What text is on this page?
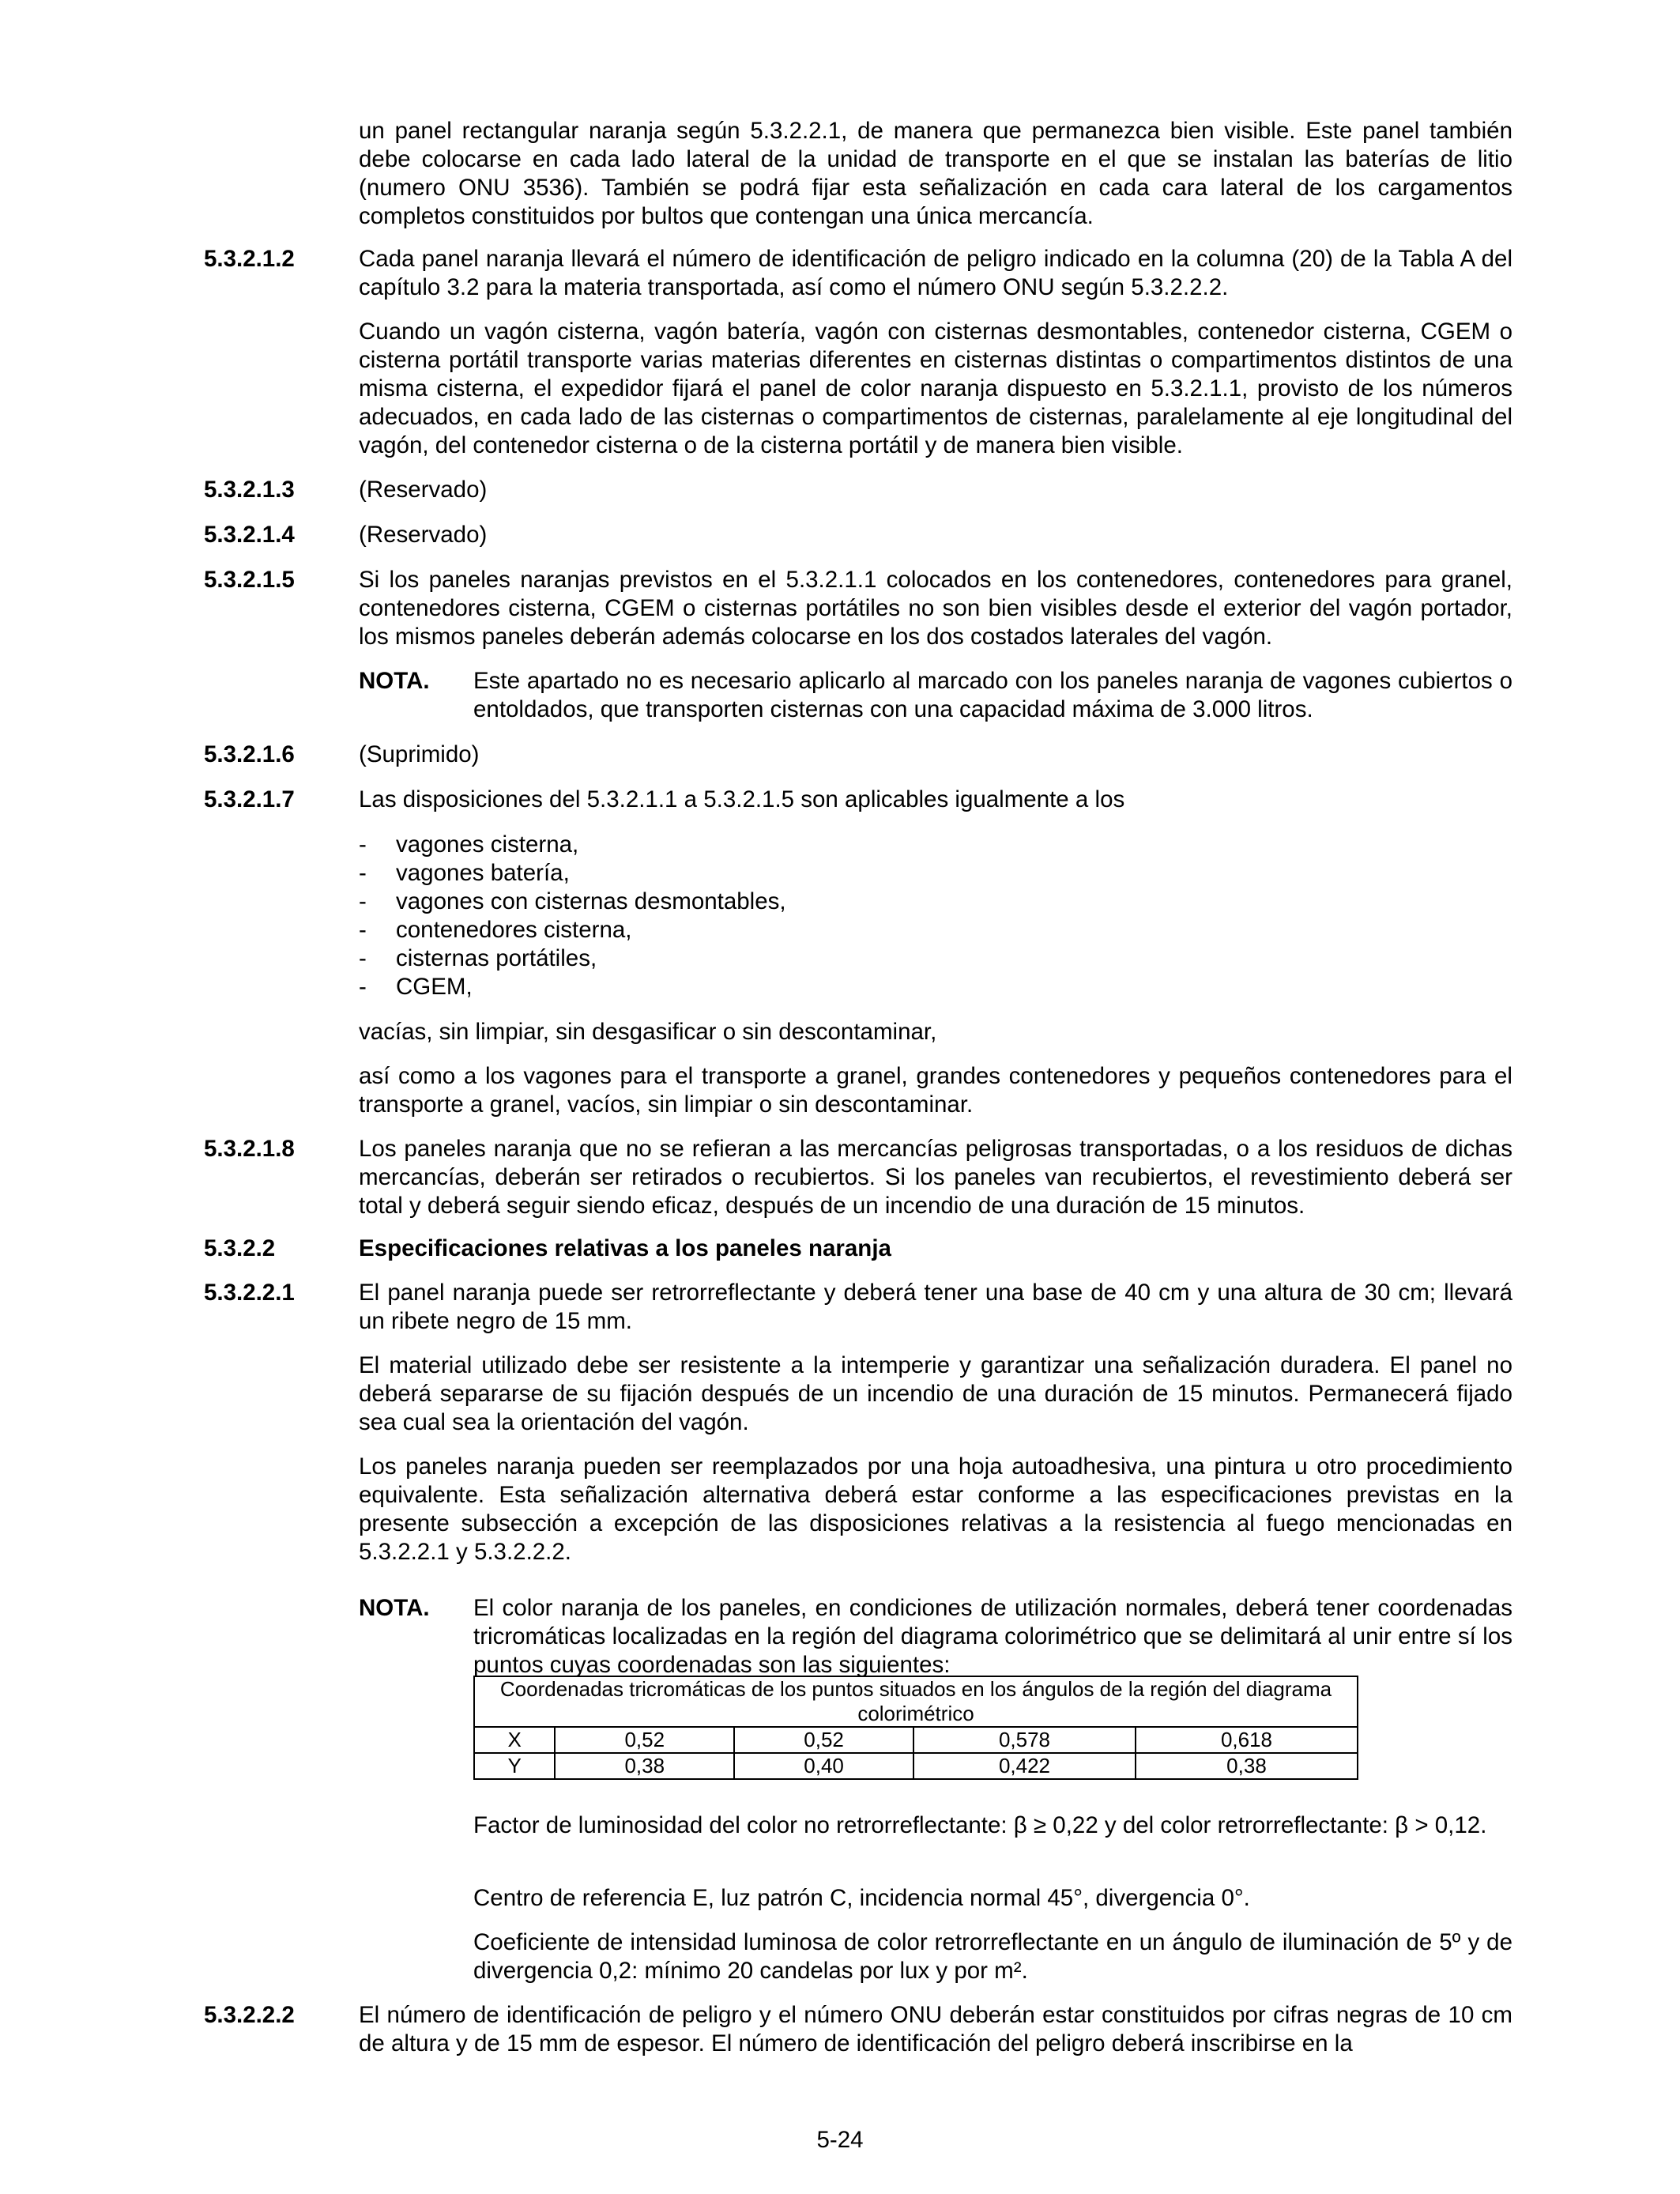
un panel rectangular naranja según 5.3.2.2.1, de manera que permanezca bien visible. Este panel también debe colocarse en cada lado lateral de la unidad de transporte en el que se instalan las baterías de litio (numero ONU 3536). También se podrá fijar esta señalización en cada cara lateral de los cargamentos completos constituidos por bultos que contengan una única mercancía.
5.3.2.1.2	Cada panel naranja llevará el número de identificación de peligro indicado en la columna (20) de la Tabla A del capítulo 3.2 para la materia transportada, así como el número ONU según 5.3.2.2.2.
Cuando un vagón cisterna, vagón batería, vagón con cisternas desmontables, contenedor cisterna, CGEM o cisterna portátil transporte varias materias diferentes en cisternas distintas o compartimentos distintos de una misma cisterna, el expedidor fijará el panel de color naranja dispuesto en 5.3.2.1.1, provisto de los números adecuados, en cada lado de las cisternas o compartimentos de cisternas, paralelamente al eje longitudinal del vagón, del contenedor cisterna o de la cisterna portátil y de manera bien visible.
5.3.2.1.3	(Reservado)
5.3.2.1.4	(Reservado)
5.3.2.1.5	Si los paneles naranjas previstos en el 5.3.2.1.1 colocados en los contenedores, contenedores para granel, contenedores cisterna, CGEM o cisternas portátiles no son bien visibles desde el exterior del vagón portador, los mismos paneles deberán además colocarse en los dos costados laterales del vagón.
NOTA. Este apartado no es necesario aplicarlo al marcado con los paneles naranja de vagones cubiertos o entoldados, que transporten cisternas con una capacidad máxima de 3.000 litros.
5.3.2.1.6	(Suprimido)
5.3.2.1.7	Las disposiciones del 5.3.2.1.1 a 5.3.2.1.5 son aplicables igualmente a los
- vagones cisterna,
- vagones batería,
- vagones con cisternas desmontables,
- contenedores cisterna,
- cisternas portátiles,
- CGEM,
vacías, sin limpiar, sin desgasificar o sin descontaminar,
así como a los vagones para el transporte a granel, grandes contenedores y pequeños contenedores para el transporte a granel, vacíos, sin limpiar o sin descontaminar.
5.3.2.1.8	Los paneles naranja que no se refieran a las mercancías peligrosas transportadas, o a los residuos de dichas mercancías, deberán ser retirados o recubiertos. Si los paneles van recubiertos, el revestimiento deberá ser total y deberá seguir siendo eficaz, después de un incendio de una duración de 15 minutos.
5.3.2.2	Especificaciones relativas a los paneles naranja
5.3.2.2.1	El panel naranja puede ser retrorreflectante y deberá tener una base de 40 cm y una altura de 30 cm; llevará un ribete negro de 15 mm.
El material utilizado debe ser resistente a la intemperie y garantizar una señalización duradera. El panel no deberá separarse de su fijación después de un incendio de una duración de 15 minutos. Permanecerá fijado sea cual sea la orientación del vagón.
Los paneles naranja pueden ser reemplazados por una hoja autoadhesiva, una pintura u otro procedimiento equivalente. Esta señalización alternativa deberá estar conforme a las especificaciones previstas en la presente subsección a excepción de las disposiciones relativas a la resistencia al fuego mencionadas en 5.3.2.2.1 y 5.3.2.2.2.
NOTA. El color naranja de los paneles, en condiciones de utilización normales, deberá tener coordenadas tricromáticas localizadas en la región del diagrama colorimétrico que se delimitará al unir entre sí los puntos cuyas coordenadas son las siguientes:
Coordenadas tricromáticas de los puntos situados en los ángulos de la región del diagrama colorimétrico				
X	0,52	0,52	0,578	0,618
Y	0,38	0,40	0,422	0,38
Factor de luminosidad del color no retrorreflectante: β ≥ 0,22 y del color retrorreflectante: β > 0,12.
Centro de referencia E, luz patrón C, incidencia normal 45°, divergencia 0°.
Coeficiente de intensidad luminosa de color retrorreflectante en un ángulo de iluminación de 5º y de divergencia 0,2: mínimo 20 candelas por lux y por m².
5.3.2.2.2	El número de identificación de peligro y el número ONU deberán estar constituidos por cifras negras de 10 cm de altura y de 15 mm de espesor. El número de identificación del peligro deberá inscribirse en la
5-24
